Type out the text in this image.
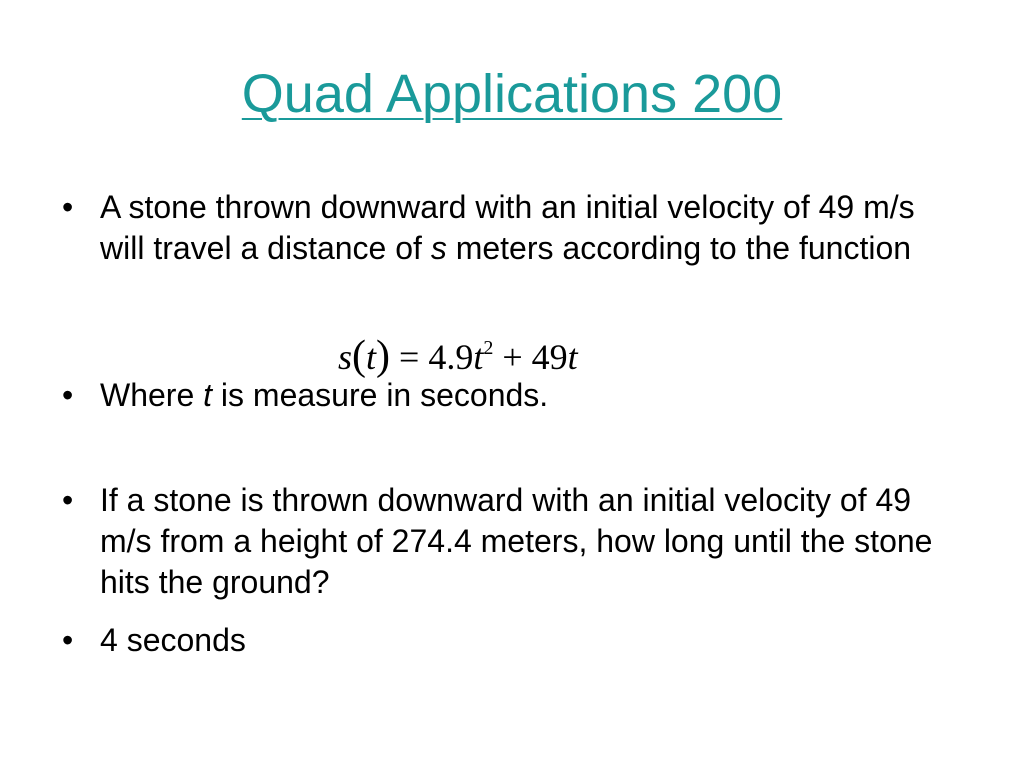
Quad Applications 200
• A stone thrown downward with an initial velocity of 49 m/s will travel a distance of s meters according to the function
$s(t) = 4.9t^2 + 49t$
• Where t is measure in seconds.
• If a stone is thrown downward with an initial velocity of 49 m/s from a height of 274.4 meters, how long until the stone hits the ground?
• 4 seconds
